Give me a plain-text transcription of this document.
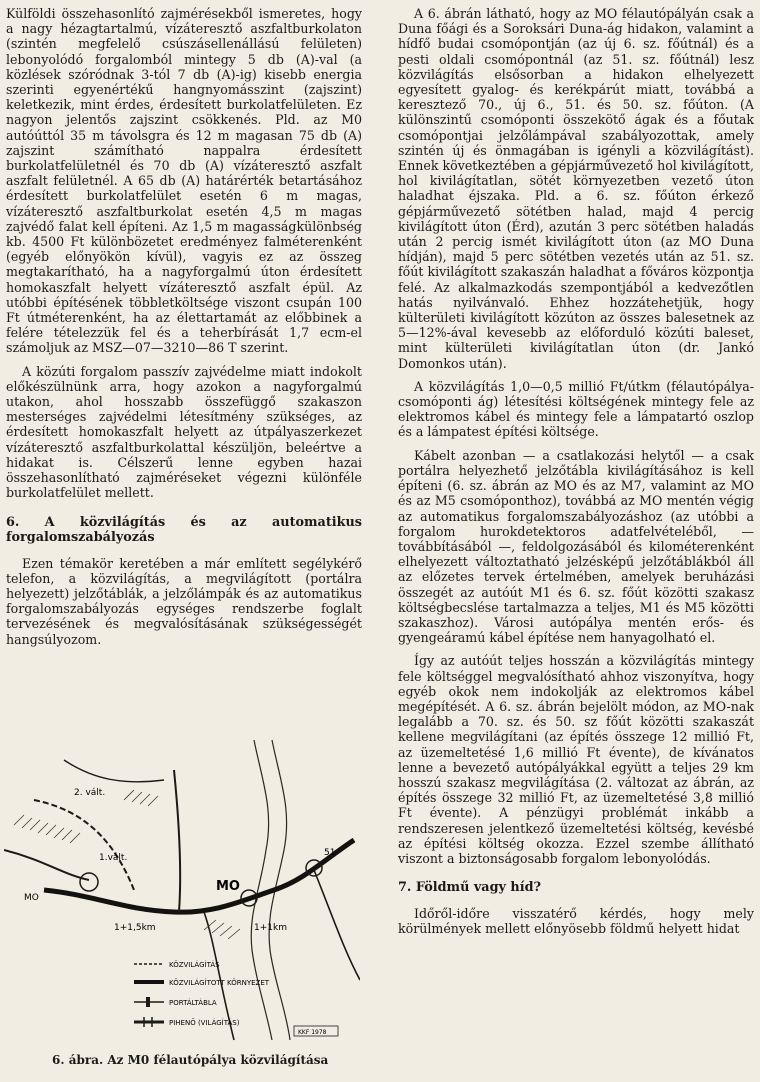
Külföldi összehasonlító zajmérésekből ismeretes, hogy a nagy hézagtartalmú, vízáteresztő aszfaltburkolaton (szintén megfelelő csúszásellenállású felületen) lebonyolódó forgalomból mintegy 5 db (A)-val (a közlések szóródnak 3-tól 7 db (A)-ig) kisebb energia szerinti egyenértékű hangnyomásszint (zajszint) keletkezik, mint érdes, érdesített burkolatfelületen. Ez nagyon jelentős zajszint csökkenés. Pld. az M0 autóúttól 35 m távolsgra és 12 m magasan 75 db (A) zajszint számítható nappalra érdesített burkolatfelületnél és 70 db (A) vízáteresztő aszfalt aszfalt felületnél. A 65 db (A) határérték betartásához érdesített burkolatfelület esetén 6 m magas, vízáteresztő aszfaltburkolat esetén 4,5 m magas zajvédő falat kell építeni. Az 1,5 m magasságkülönbség kb. 4500 Ft különbözetet eredményez falméterenként (egyéb előnyökön kívül), vagyis ez az összeg megtakarítható, ha a nagyforgalmú úton érdesített homokaszfalt helyett vízáteresztő aszfalt épül. Az utóbbi építésének többletköltsége viszont csupán 100 Ft útméterenként, ha az élettartamát az előbbinek a felére tételezzük fel és a teherbírását 1,7 ecm-el számoljuk az MSZ—07—3210—86 T szerint.

A közúti forgalom passzív zajvédelme miatt indokolt előkészülnünk arra, hogy azokon a nagyforgalmú utakon, ahol hosszabb összefüggő szakaszon mesterséges zajvédelmi létesítmény szükséges, az érdesített homokaszfalt helyett az útpályaszerkezet vízáteresztő aszfaltburkolattal készüljön, beleértve a hidakat is. Célszerű lenne egyben hazai összehasonlítható zajméréseket végezni különféle burkolatfelület mellett.

6. A közvilágítás és az automatikus forgalomszabályozás

Ezen témakör keretében a már említett segélykérő telefon, a közvilágítás, a megvilágított (portálra helyezett) jelzőtáblák, a jelzőlámpák és az automatikus forgalomszabályozás egységes rendszerbe foglalt tervezésének és megvalósításának szükségességét hangsúlyozom.

2. vált.
MO
1.vált.
1+1,5km	1+1km
MO
51
KÖZVILÁGÍTÁS
KÖZVILÁGÍTOTT KÖRNYEZET
PORTÁLTÁBLA
PIHENŐ (VILÁGÍTÁS)
KKF 1978
6. ábra. Az M0 félautópálya közvilágítása

A 6. ábrán látható, hogy az MO félautópályán csak a Duna főági és a Soroksári Duna-ág hidakon, valamint a hídfő budai csomópontján (az új 6. sz. főútnál) és a pesti oldali csomópontnál (az 51. sz. főútnál) lesz közvilágítás elsősorban a hidakon elhelyezett egyesített gyalog- és kerékpárút miatt, továbbá a keresztező 70., új 6., 51. és 50. sz. főúton. (A különszintű csomóponti összekötő ágak és a főutak csomópontjai jelzőlámpával szabályozottak, amely szintén új és önmagában is igényli a közvilágítást). Ennek következtében a gépjárművezető hol kivilágított, hol kivilágítatlan, sötét környezetben vezető úton haladhat éjszaka. Pld. a 6. sz. főúton érkező gépjárművezető sötétben halad, majd 4 percig kivilágított úton (Érd), azután 3 perc sötétben haladás után 2 percig ismét kivilágított úton (az MO Duna hídján), majd 5 perc sötétben vezetés után az 51. sz. főút kivilágított szakaszán haladhat a főváros központja felé. Az alkalmazkodás szempontjából a kedvezőtlen hatás nyilvánvaló. Ehhez hozzátehetjük, hogy külterületi kivilágított közúton az összes balesetnek az 5—12%-ával kevesebb az előforduló közúti baleset, mint külterületi kivilágítatlan úton (dr. Jankó Domonkos után).

A közvilágítás 1,0—0,5 millió Ft/útkm (félautópálya-csomóponti ág) létesítési költségének mintegy fele az elektromos kábel és mintegy fele a lámpatartó oszlop és a lámpatest építési költsége.

Kábelt azonban — a csatlakozási helytől — a csak portálra helyezhető jelzőtábla kivilágításához is kell építeni (6. sz. ábrán az MO és az M7, valamint az MO és az M5 csomóponthoz), továbbá az MO mentén végig az automatikus forgalomszabályozáshoz (az utóbbi a forgalom hurokdetektoros adatfelvételéből, — továbbításából —, feldolgozásából és kilométerenként elhelyezett változtatható jelzésképű jelzőtáblákból áll az előzetes tervek értelmében, amelyek beruházási összegét az autóút M1 és 6. sz. főút közötti szakasz költségbecslése tartalmazza a teljes, M1 és M5 közötti szakaszhoz). Városi autópálya mentén erős- és gyengeáramú kábel építése nem hanyagolható el.

Így az autóút teljes hosszán a közvilágítás mintegy fele költséggel megvalósítható ahhoz viszonyítva, hogy egyéb okok nem indokolják az elektromos kábel megépítését. A 6. sz. ábrán bejelölt módon, az MO-nak legalább a 70. sz. és 50. sz főút közötti szakaszát kellene megvilágítani (az építés összege 12 millió Ft, az üzemeltetésé 1,6 millió Ft évente), de kívánatos lenne a bevezető autópályákkal együtt a teljes 29 km hosszú szakasz megvilágítása (2. változat az ábrán, az építés összege 32 millió Ft, az üzemeltetésé 3,8 millió Ft évente). A pénzügyi problémát inkább a rendszeresen jelentkező üzemeltetési költség, kevésbé az építési költség okozza. Ezzel szembe állítható viszont a biztonságosabb forgalom lebonyolódás.

7. Földmű vagy híd?

Időről-időre visszatérő kérdés, hogy mely körülmények mellett előnyösebb földmű helyett hidat
